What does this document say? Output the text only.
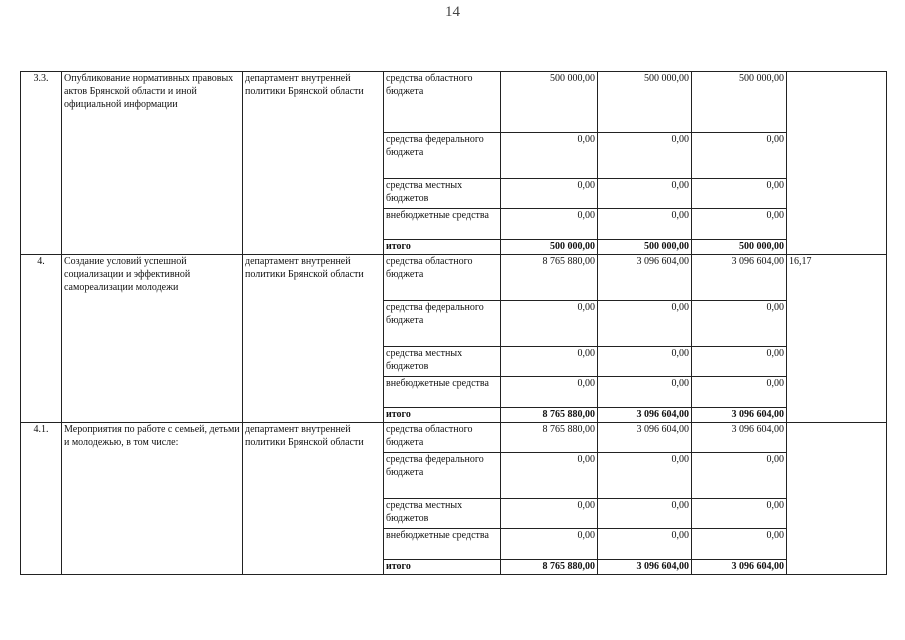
14
3.3.	Опубликование нормативных правовых актов Брянской области и иной официальной информации	департамент внутренней политики Брянской области	средства областного бюджета	500 000,00	500 000,00	500 000,00	
			средства федерального бюджета	0,00	0,00	0,00	
			средства местных бюджетов	0,00	0,00	0,00	
			внебюджетные средства	0,00	0,00	0,00	
			итого	500 000,00	500 000,00	500 000,00	
4.	Создание условий успешной социализации и эффективной самореализации молодежи	департамент внутренней политики Брянской области	средства областного бюджета	8 765 880,00	3 096 604,00	3 096 604,00	16,17
			средства федерального бюджета	0,00	0,00	0,00	
			средства местных бюджетов	0,00	0,00	0,00	
			внебюджетные средства	0,00	0,00	0,00	
			итого	8 765 880,00	3 096 604,00	3 096 604,00	
4.1.	Мероприятия по работе с семьей, детьми и молодежью, в том числе:	департамент внутренней политики Брянской области	средства областного бюджета	8 765 880,00	3 096 604,00	3 096 604,00	
			средства федерального бюджета	0,00	0,00	0,00	
			средства местных бюджетов	0,00	0,00	0,00	
			внебюджетные средства	0,00	0,00	0,00	
			итого	8 765 880,00	3 096 604,00	3 096 604,00	
